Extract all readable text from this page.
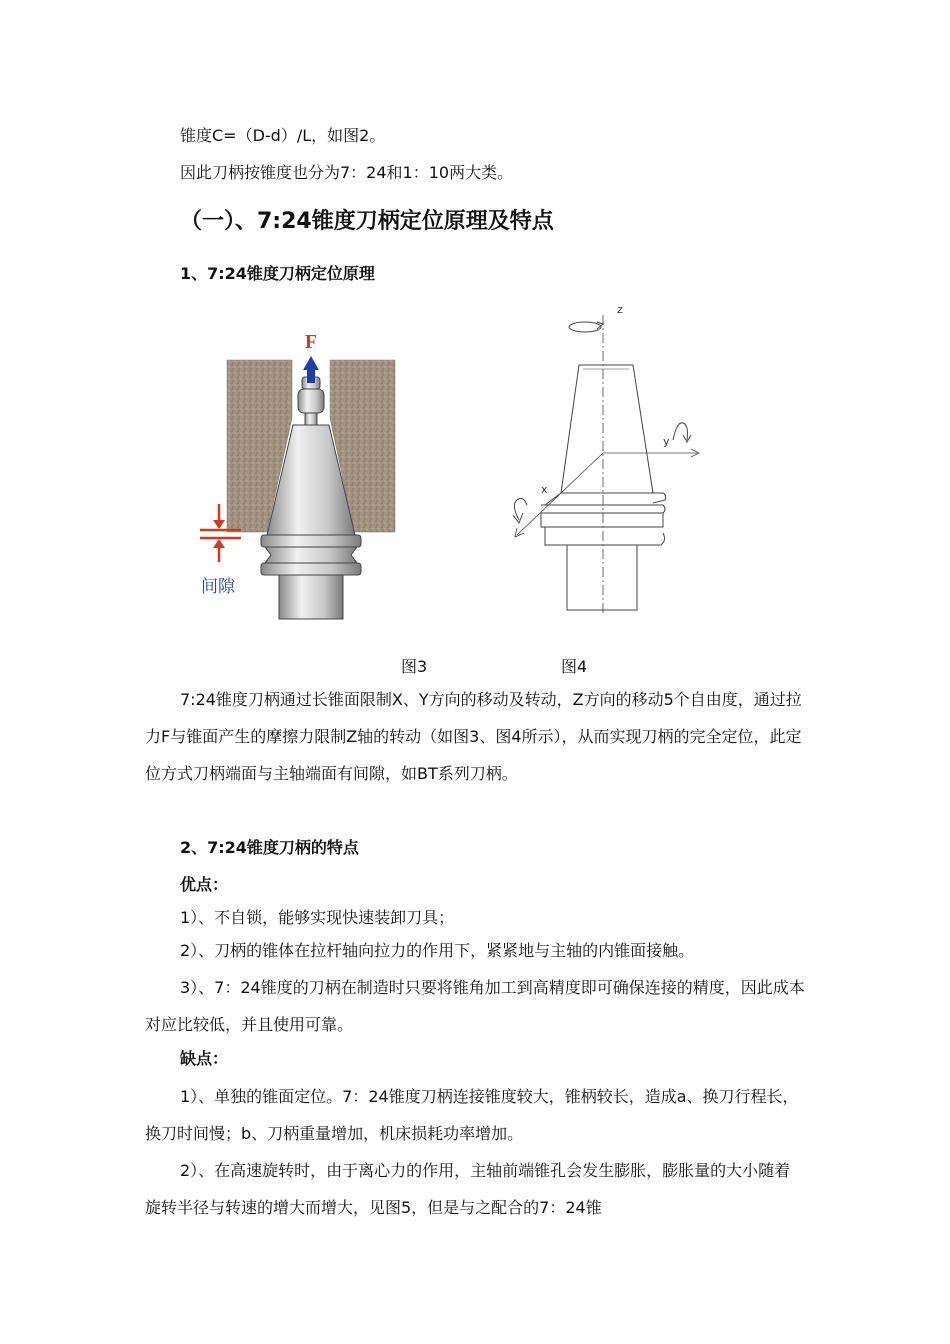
锥度C=（D-d）/L，如图2。

因此刀柄按锥度也分为7：24和1：10两大类。

（一）、7:24锥度刀柄定位原理及特点
1、7:24锥度刀柄定位原理
F
间隙
z
y
x
图3	图4

7:24锥度刀柄通过长锥面限制X、Y方向的移动及转动，Z方向的移动5个自由度，通过拉力F与锥面产生的摩擦力限制Z轴的转动（如图3、图4所示），从而实现刀柄的完全定位，此定位方式刀柄端面与主轴端面有间隙，如BT系列刀柄。

2、7:24锥度刀柄的特点

优点：

1）、不自锁，能够实现快速装卸刀具；

2）、刀柄的锥体在拉杆轴向拉力的作用下，紧紧地与主轴的内锥面接触。

3）、7：24锥度的刀柄在制造时只要将锥角加工到高精度即可确保连接的精度，因此成本对应比较低，并且使用可靠。

缺点：

1）、单独的锥面定位。7：24锥度刀柄连接锥度较大，锥柄较长，造成a、换刀行程长，换刀时间慢；b、刀柄重量增加，机床损耗功率增加。

2）、在高速旋转时，由于离心力的作用，主轴前端锥孔会发生膨胀，膨胀量的大小随着旋转半径与转速的增大而增大，见图5，但是与之配合的7：24锥
